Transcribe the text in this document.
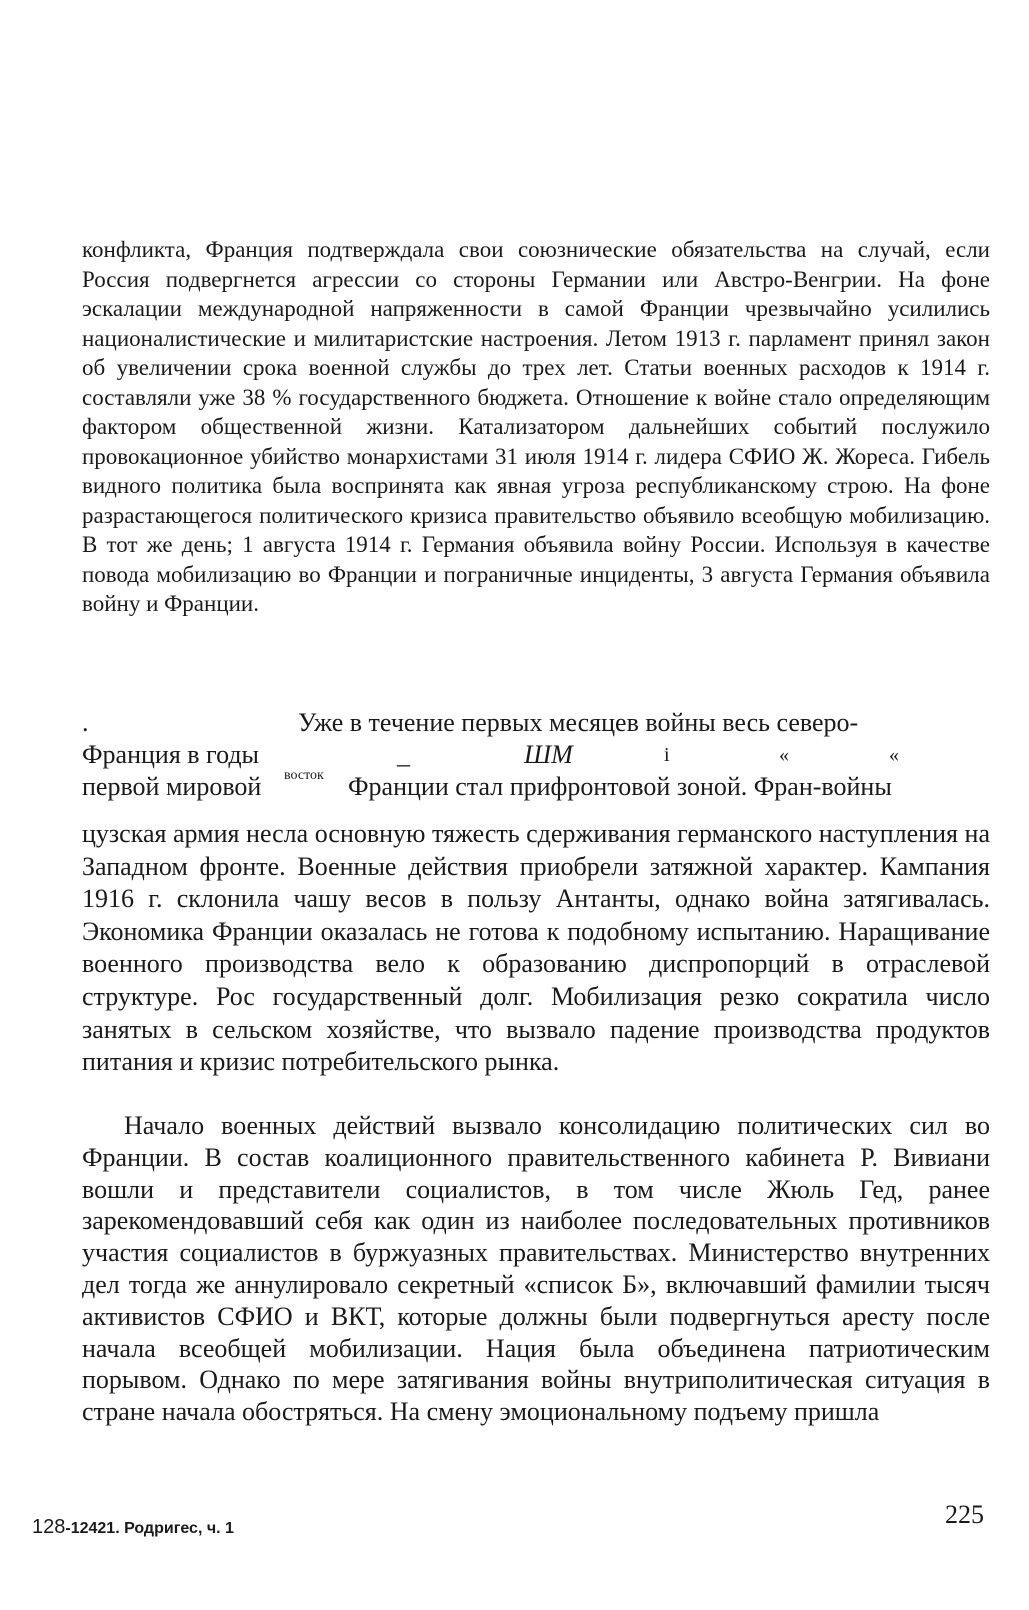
конфликта, Франция подтверждала свои союзнические обязательства на случай, если Россия подвергнется агрессии со стороны Германии или Австро-Венгрии. На фоне эскалации международной напряженности в самой Франции чрезвычайно усилились националистические и милитаристские настроения. Летом 1913 г. парламент принял закон об увеличении срока военной службы до трех лет. Статьи военных расходов к 1914 г. составляли уже 38 % государственного бюджета. Отношение к войне стало определяющим фактором общественной жизни. Катализатором дальнейших событий послужило провокационное убийство монархистами 31 июля 1914 г. лидера СФИО Ж. Жореса. Гибель видного политика была воспринята как явная угроза республиканскому строю. На фоне разрастающегося политического кризиса правительство объявило всеобщую мобилизацию. В тот же день; 1 августа 1914 г. Германия объявила войну России. Используя в качестве повода мобилизацию во Франции и пограничные инциденты, 3 августа Германия объявила войну и Франции.

.	Уже в течение первых месяцев войны весь северо-
Франция в годы	_	ШМ	i	«	«
первой мировой восток Франции стал прифронтовой зоной. Фран-войны

цузская армия несла основную тяжесть сдерживания германского наступления на Западном фронте. Военные действия приобрели затяжной характер. Кампания 1916 г. склонила чашу весов в пользу Антанты, однако война затягивалась. Экономика Франции оказалась не готова к подобному испытанию. Наращивание военного производства вело к образованию диспропорций в отраслевой структуре. Рос государственный долг. Мобилизация резко сократила число занятых в сельском хозяйстве, что вызвало падение производства продуктов питания и кризис потребительского рынка.

Начало военных действий вызвало консолидацию политических сил во Франции. В состав коалиционного правительственного кабинета Р. Вивиани вошли и представители социалистов, в том числе Жюль Гед, ранее зарекомендовавший себя как один из наиболее последовательных противников участия социалистов в буржуазных правительствах. Министерство внутренних дел тогда же аннулировало секретный «список Б», включавший фамилии тысяч активистов СФИО и ВКТ, которые должны были подвергнуться аресту после начала всеобщей мобилизации. Нация была объединена патриотическим порывом. Однако по мере затягивания войны внутриполитическая ситуация в стране начала обостряться. На смену эмоциональному подъему пришла

128-12421. Родригес, ч. 1	225
